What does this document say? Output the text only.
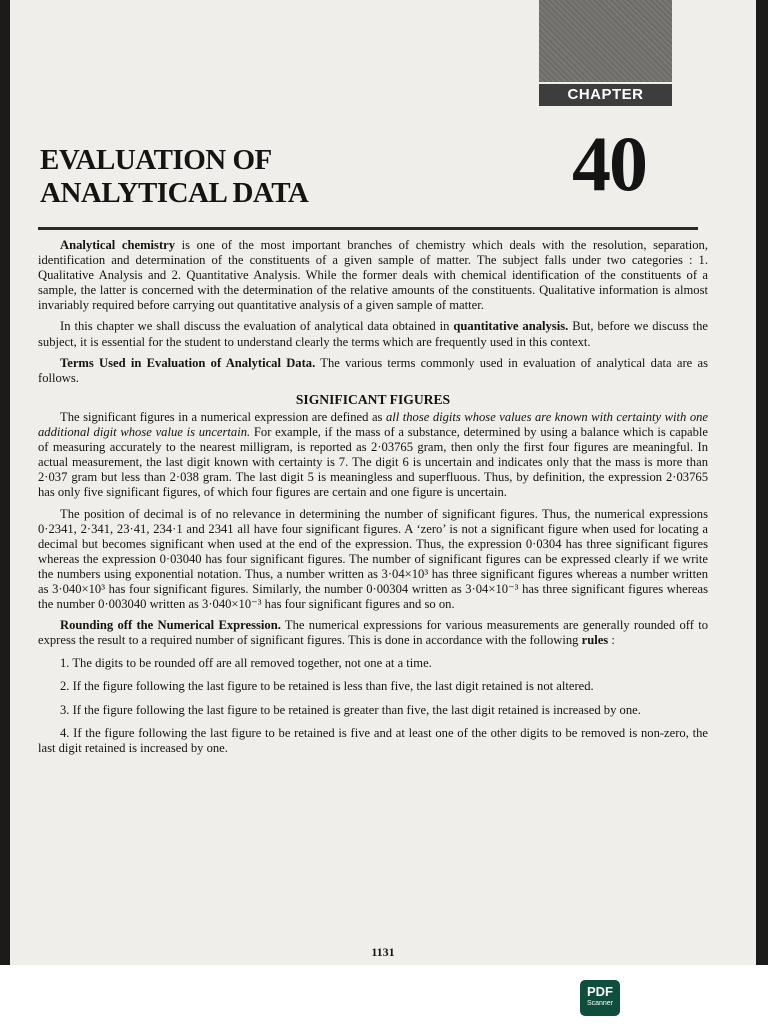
CHAPTER
40
EVALUATION OF
ANALYTICAL DATA

Analytical chemistry is one of the most important branches of chemistry which deals with the resolution, separation, identification and determination of the constituents of a given sample of matter. The subject falls under two categories : 1. Qualitative Analysis and 2. Quantitative Analysis. While the former deals with chemical identification of the constituents of a sample, the latter is concerned with the determination of the relative amounts of the constituents. Qualitative information is almost invariably required before carrying out quantitative analysis of a given sample of matter.

In this chapter we shall discuss the evaluation of analytical data obtained in quantitative analysis. But, before we discuss the subject, it is essential for the student to understand clearly the terms which are frequently used in this context.

Terms Used in Evaluation of Analytical Data. The various terms commonly used in evaluation of analytical data are as follows.

SIGNIFICANT FIGURES

The significant figures in a numerical expression are defined as all those digits whose values are known with certainty with one additional digit whose value is uncertain. For example, if the mass of a substance, determined by using a balance which is capable of measuring accurately to the nearest milligram, is reported as 2·03765 gram, then only the first four figures are meaningful. In actual measurement, the last digit known with certainty is 7. The digit 6 is uncertain and indicates only that the mass is more than 2·037 gram but less than 2·038 gram. The last digit 5 is meaningless and superfluous. Thus, by definition, the expression 2·03765 has only five significant figures, of which four figures are certain and one figure is uncertain.

The position of decimal is of no relevance in determining the number of significant figures. Thus, the numerical expressions 0·2341, 2·341, 23·41, 234·1 and 2341 all have four significant figures. A ‘zero’ is not a significant figure when used for locating a decimal but becomes significant when used at the end of the expression. Thus, the expression 0·0304 has three significant figures whereas the expression 0·03040 has four significant figures. The number of significant figures can be expressed clearly if we write the numbers using exponential notation. Thus, a number written as 3·04×10³ has three significant figures whereas a number written as 3·040×10³ has four significant figures. Similarly, the number 0·00304 written as 3·04×10⁻³ has three significant figures whereas the number 0·003040 written as 3·040×10⁻³ has four significant figures and so on.

Rounding off the Numerical Expression. The numerical expressions for various measurements are generally rounded off to express the result to a required number of significant figures. This is done in accordance with the following rules :

1. The digits to be rounded off are all removed together, not one at a time.

2. If the figure following the last figure to be retained is less than five, the last digit retained is not altered.

3. If the figure following the last figure to be retained is greater than five, the last digit retained is increased by one.

4. If the figure following the last figure to be retained is five and at least one of the other digits to be removed is non-zero, the last digit retained is increased by one.

1131
PDF
Scanner
